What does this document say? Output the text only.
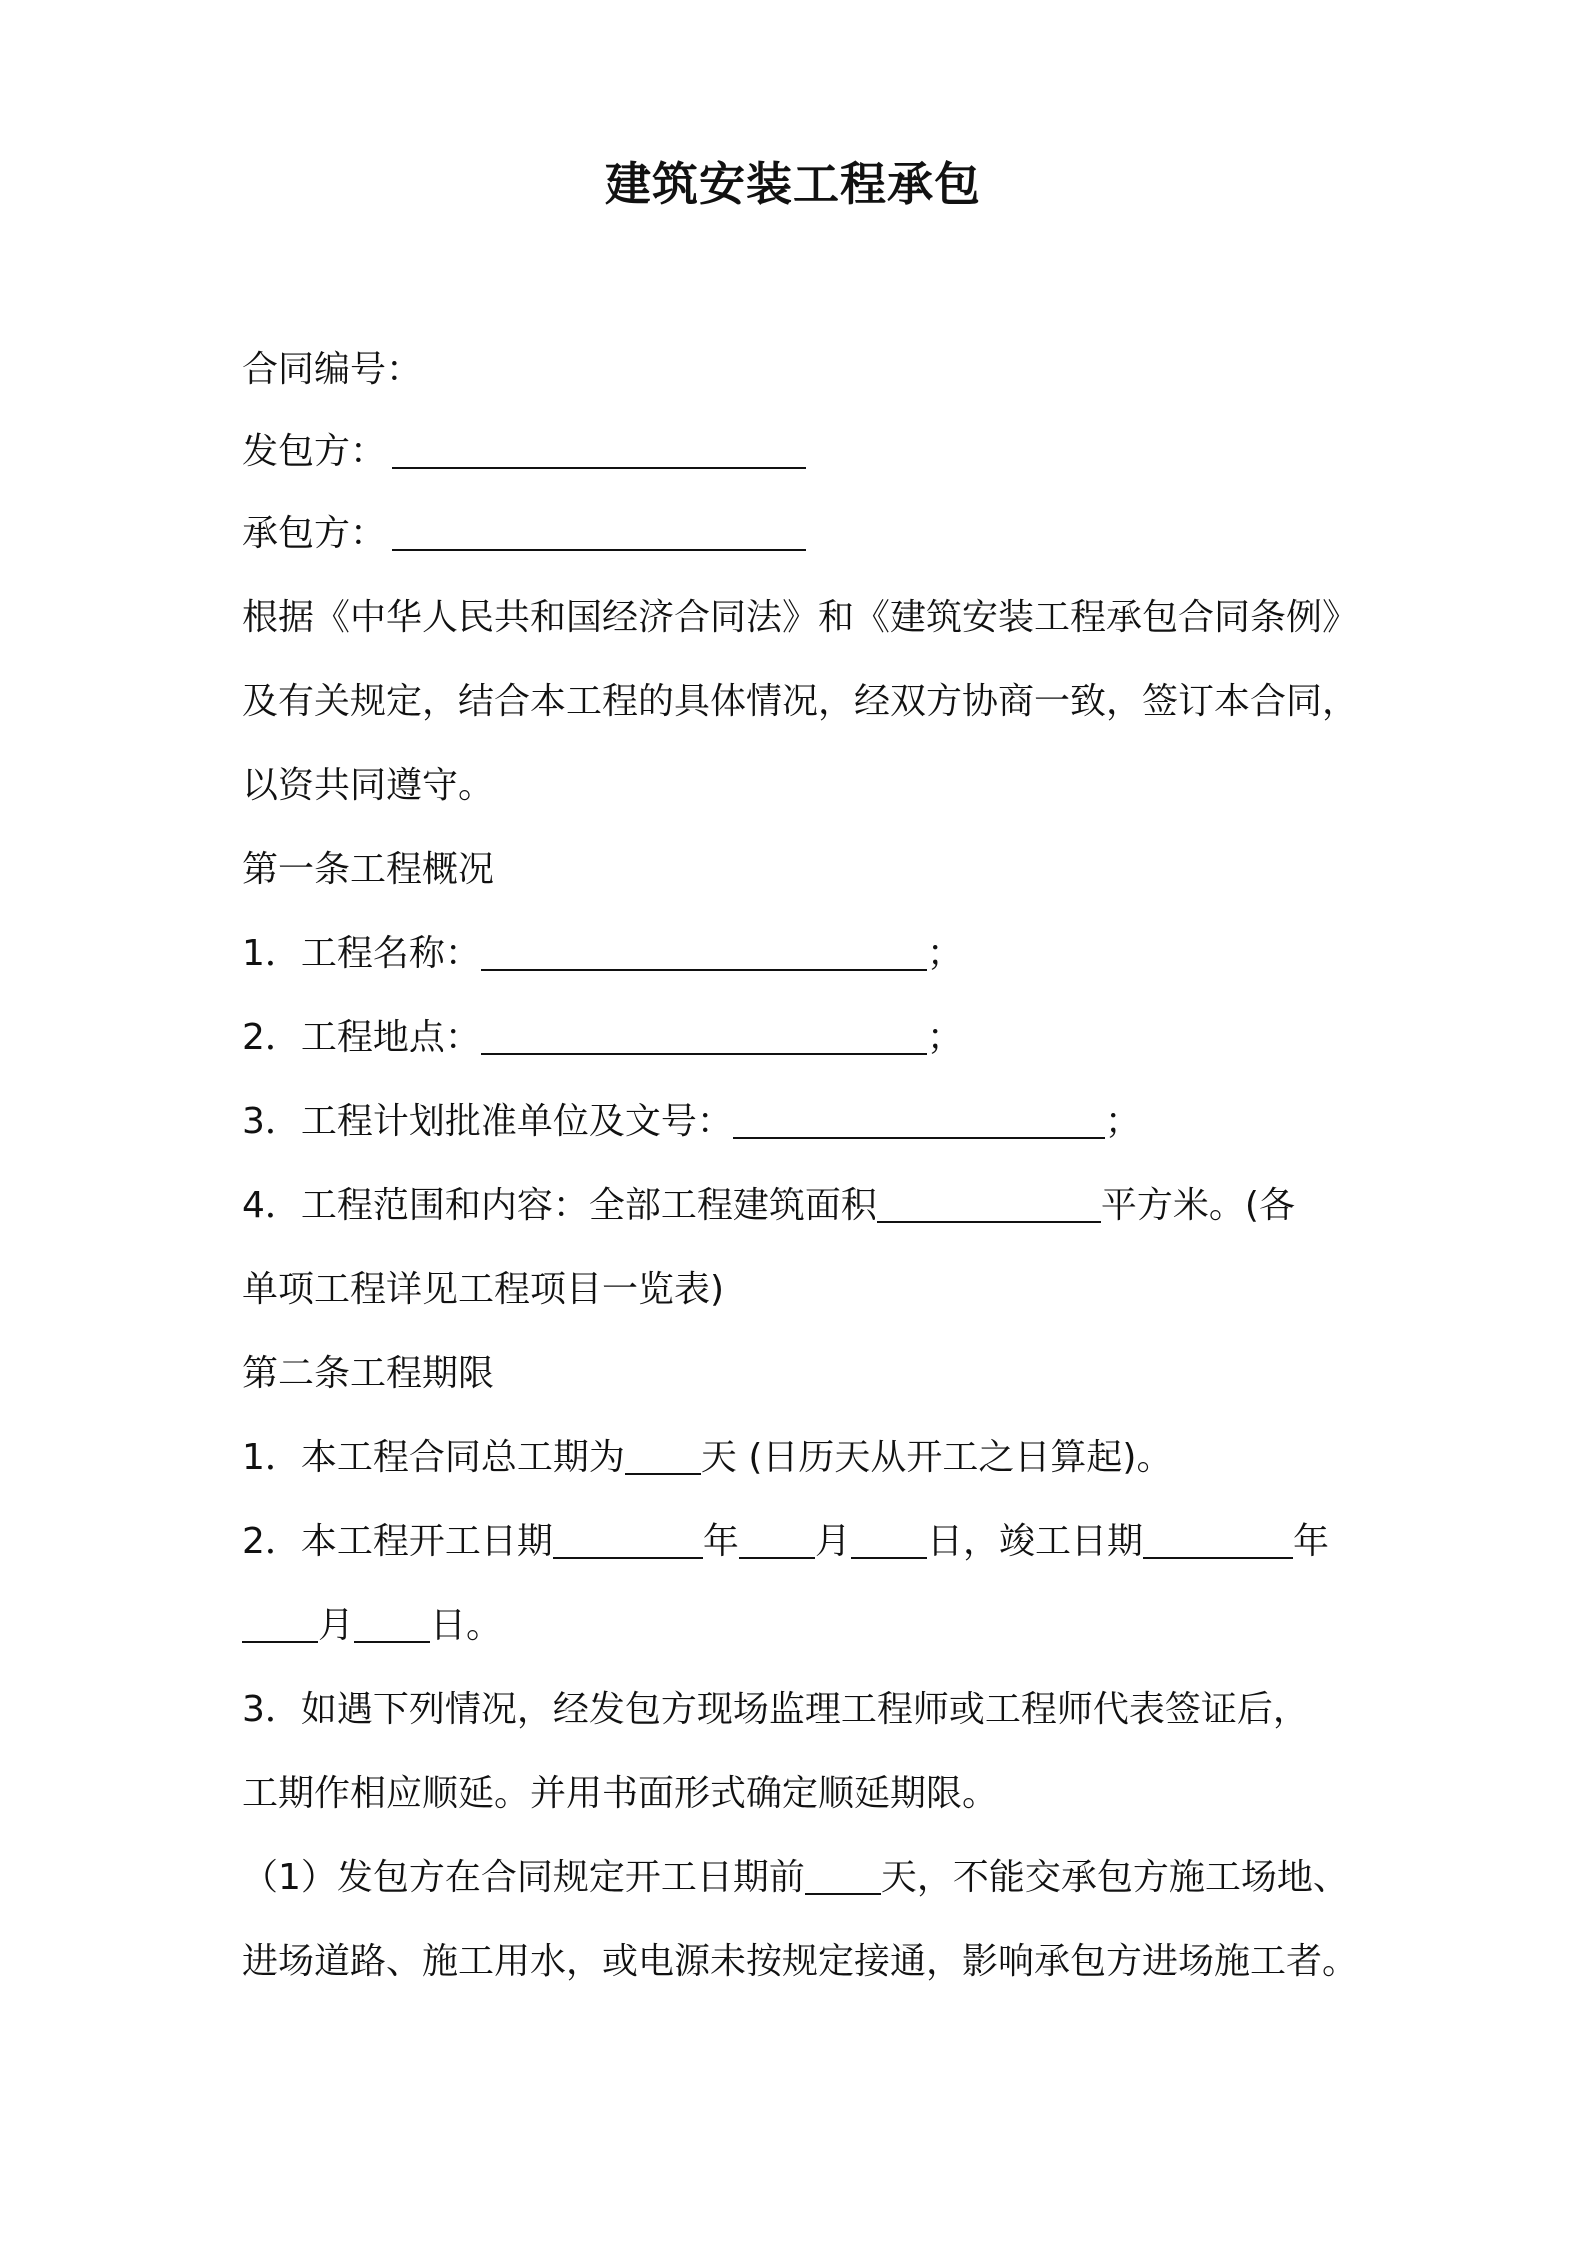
建筑安装工程承包
合同编号：
发包方：
承包方：
根据《中华人民共和国经济合同法》和《建筑安装工程承包合同条例》
及有关规定，结合本工程的具体情况，经双方协商一致，签订本合同，
以资共同遵守。
第一条工程概况
1．工程名称：	；
2．工程地点：	；
3．工程计划批准单位及文号：	；
4．工程范围和内容：全部工程建筑面积	平方米。(各
单项工程详见工程项目一览表)
第二条工程期限
1．本工程合同总工期为 天 (日历天从开工之日算起)。
2．本工程开工日期	年 月 日，竣工日期	年
月 日。
3．如遇下列情况，经发包方现场监理工程师或工程师代表签证后，
工期作相应顺延。并用书面形式确定顺延期限。
（1）发包方在合同规定开工日期前 天，不能交承包方施工场地、
进场道路、施工用水，或电源未按规定接通，影响承包方进场施工者。
